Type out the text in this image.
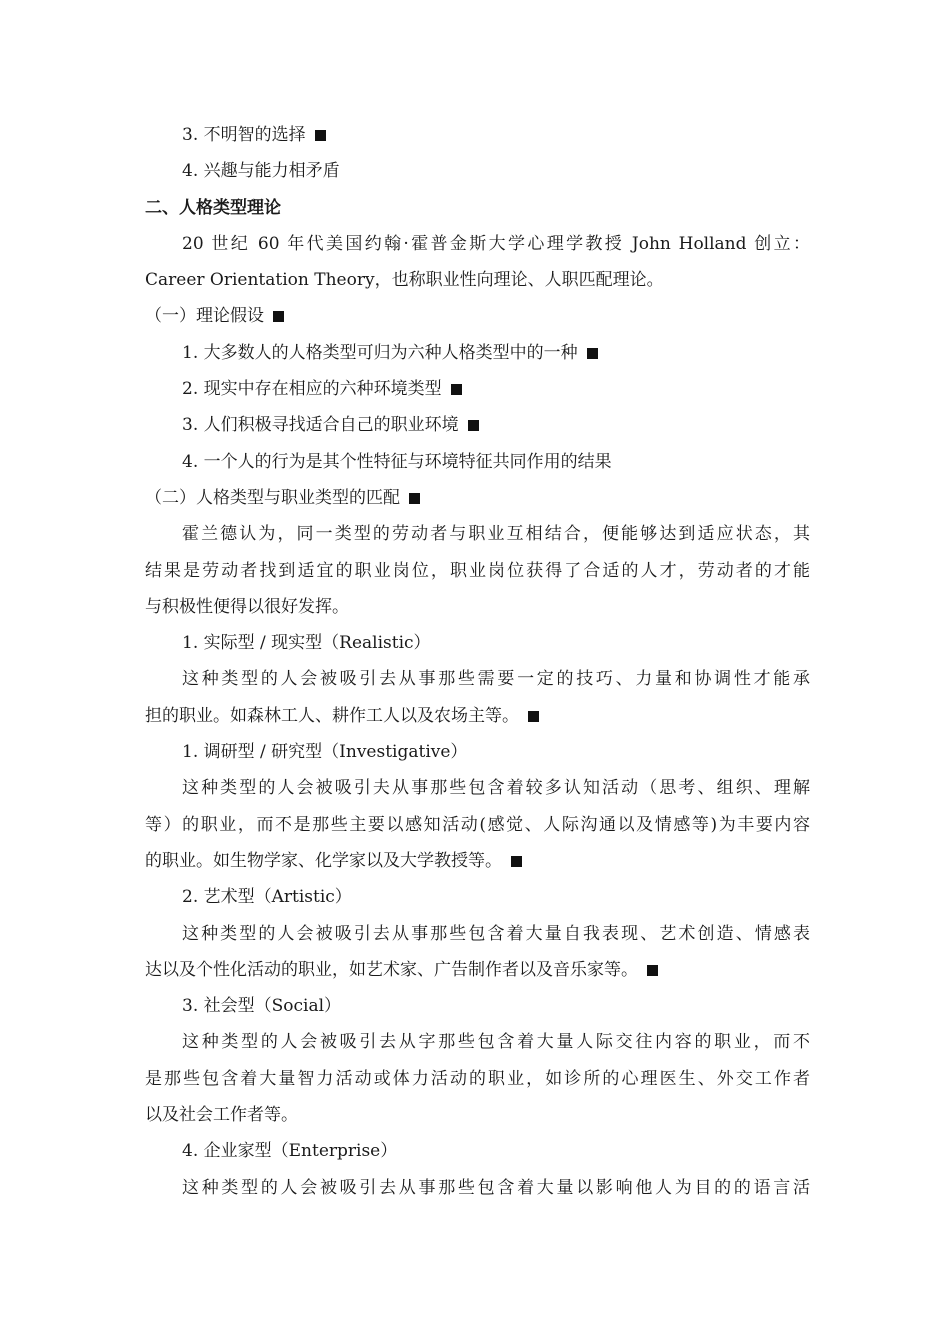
3. 不明智的选择
4. 兴趣与能力相矛盾
二、人格类型理论
20 世纪 60 年代美国约翰·霍普金斯大学心理学教授 John Holland 创立：
Career Orientation Theory，也称职业性向理论、人职匹配理论。
（一）理论假设
1. 大多数人的人格类型可归为六种人格类型中的一种
2. 现实中存在相应的六种环境类型
3. 人们积极寻找适合自己的职业环境
4. 一个人的行为是其个性特征与环境特征共同作用的结果
（二）人格类型与职业类型的匹配
霍兰德认为，同一类型的劳动者与职业互相结合，便能够达到适应状态，其
结果是劳动者找到适宜的职业岗位，职业岗位获得了合适的人才，劳动者的才能
与积极性便得以很好发挥。
1. 实际型 / 现实型（Realistic）
这种类型的人会被吸引去从事那些需要一定的技巧、力量和协调性才能承
担的职业。如森林工人、耕作工人以及农场主等。
1. 调研型 / 研究型（Investigative）
这种类型的人会被吸引夫从事那些包含着较多认知活动（思考、组织、理解
等）的职业，而不是那些主要以感知活动(感觉、人际沟通以及情感等)为丰要内容
的职业。如生物学家、化学家以及大学教授等。
2. 艺术型（Artistic）
这种类型的人会被吸引去从事那些包含着大量自我表现、艺术创造、情感表
达以及个性化活动的职业，如艺术家、广告制作者以及音乐家等。
3. 社会型（Social）
这种类型的人会被吸引去从字那些包含着大量人际交往内容的职业，而不
是那些包含着大量智力活动或体力活动的职业，如诊所的心理医生、外交工作者
以及社会工作者等。
4. 企业家型（Enterprise）
这种类型的人会被吸引去从事那些包含着大量以影响他人为目的的语言活
